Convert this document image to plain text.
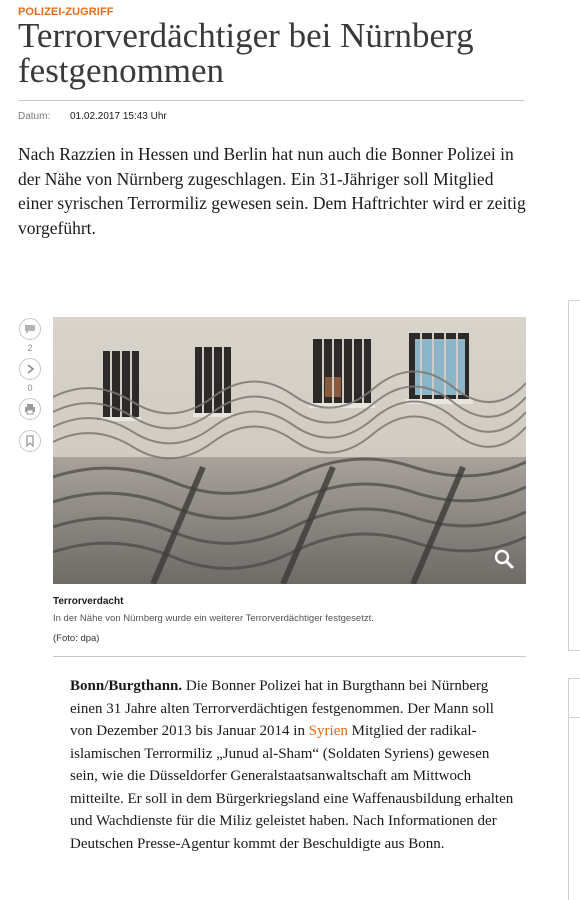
POLIZEI-ZUGRIFF
Terrorverdächtiger bei Nürnberg festgenommen
Datum: 01.02.2017 15:43 Uhr

Nach Razzien in Hessen und Berlin hat nun auch die Bonner Polizei in der Nähe von Nürnberg zugeschlagen. Ein 31-Jähriger soll Mitglied einer syrischen Terrormiliz gewesen sein. Dem Haftrichter wird er zeitig vorgeführt.

2
0
Terrorverdacht
In der Nähe von Nürnberg wurde ein weiterer Terrorverdächtiger festgesetzt.
(Foto: dpa)

Bonn/Burgthann. Die Bonner Polizei hat in Burgthann bei Nürnberg einen 31 Jahre alten Terrorverdächtigen festgenommen. Der Mann soll von Dezember 2013 bis Januar 2014 in Syrien Mitglied der radikal-islamischen Terrormiliz „Junud al-Sham“ (Soldaten Syriens) gewesen sein, wie die Düsseldorfer Generalstaatsanwaltschaft am Mittwoch mitteilte. Er soll in dem Bürgerkriegsland eine Waffenausbildung erhalten und Wachdienste für die Miliz geleistet haben. Nach Informationen der Deutschen Presse-Agentur kommt der Beschuldigte aus Bonn.
